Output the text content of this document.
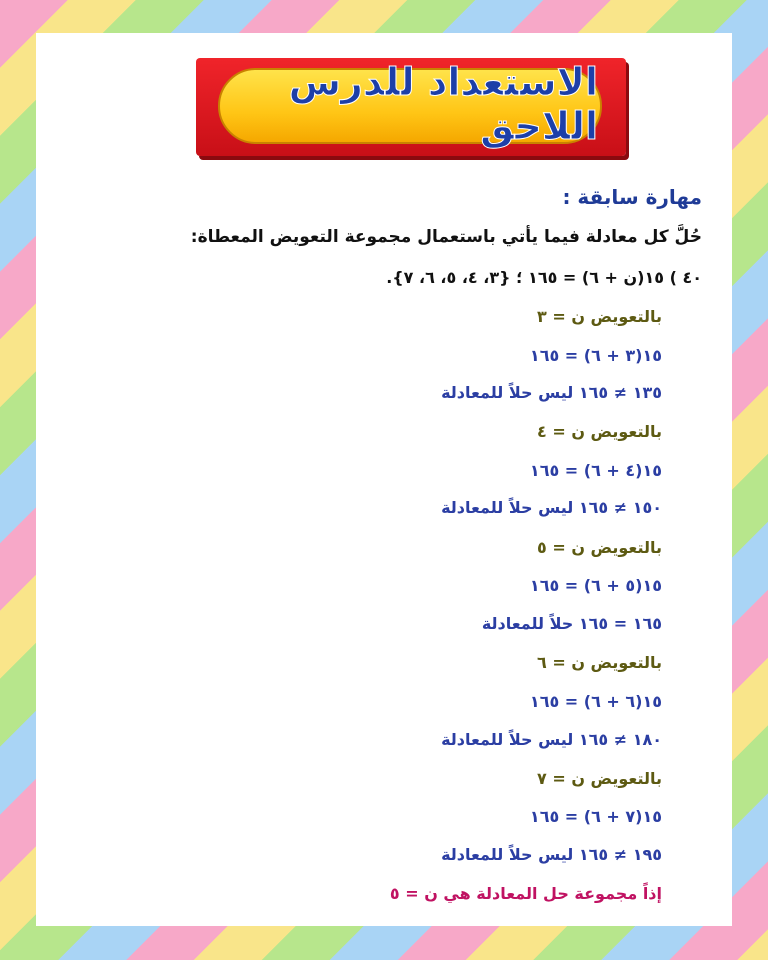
الاستعداد للدرس اللاحق
مهارة سابقة :
حُلَّ كل معادلة فيما يأتي باستعمال مجموعة التعويض المعطاة:
٤٠ ) ١٥(ن + ٦) = ١٦٥ ؛ {٣، ٤، ٥، ٦، ٧}.
بالتعويض ن = ٣
١٥(٣ + ٦) = ١٦٥
١٣٥ ≠ ١٦٥ ليس حلاً للمعادلة
بالتعويض ن = ٤
١٥(٤ + ٦) = ١٦٥
١٥٠ ≠ ١٦٥ ليس حلاً للمعادلة
بالتعويض ن = ٥
١٥(٥ + ٦) = ١٦٥
١٦٥ = ١٦٥ حلاً للمعادلة
بالتعويض ن = ٦
١٥(٦ + ٦) = ١٦٥
١٨٠ ≠ ١٦٥ ليس حلاً للمعادلة
بالتعويض ن = ٧
١٥(٧ + ٦) = ١٦٥
١٩٥ ≠ ١٦٥ ليس حلاً للمعادلة
إذاً مجموعة حل المعادلة هي ن = ٥
